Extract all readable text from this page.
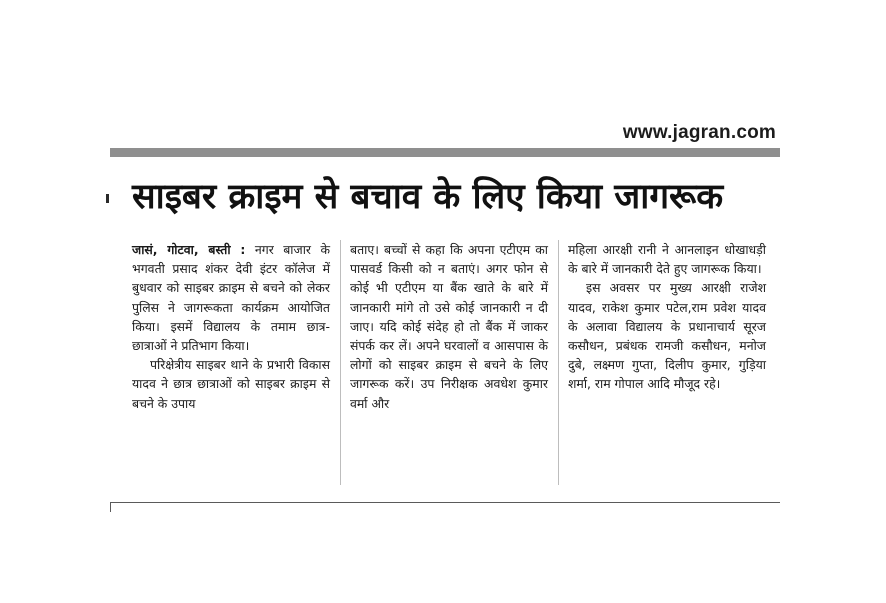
www.jagran.com
साइबर क्राइम से बचाव के लिए किया जागरूक

जासं, गोटवा, बस्ती : नगर बाजार के भगवती प्रसाद शंकर देवी इंटर कॉलेज में बुधवार को साइबर क्राइम से बचने को लेकर पुलिस ने जागरूकता कार्यक्रम आयोजित किया। इसमें विद्यालय के तमाम छात्र-छात्राओं ने प्रतिभाग किया।

परिक्षेत्रीय साइबर थाने के प्रभारी विकास यादव ने छात्र छात्राओं को साइबर क्राइम से बचने के उपाय

बताए। बच्चों से कहा कि अपना एटीएम का पासवर्ड किसी को न बताएं। अगर फोन से कोई भी एटीएम या बैंक खाते के बारे में जानकारी मांगे तो उसे कोई जानकारी न दी जाए। यदि कोई संदेह हो तो बैंक में जाकर संपर्क कर लें। अपने घरवालों व आसपास के लोगों को साइबर क्राइम से बचने के लिए जागरूक करें। उप निरीक्षक अवधेश कुमार वर्मा और

महिला आरक्षी रानी ने आनलाइन धोखाधड़ी के बारे में जानकारी देते हुए जागरूक किया।

इस अवसर पर मुख्य आरक्षी राजेश यादव, राकेश कुमार पटेल,राम प्रवेश यादव के अलावा विद्यालय के प्रधानाचार्य सूरज कसौधन, प्रबंधक रामजी कसौधन, मनोज दुबे, लक्ष्मण गुप्ता, दिलीप कुमार, गुड़िया शर्मा, राम गोपाल आदि मौजूद रहे।
